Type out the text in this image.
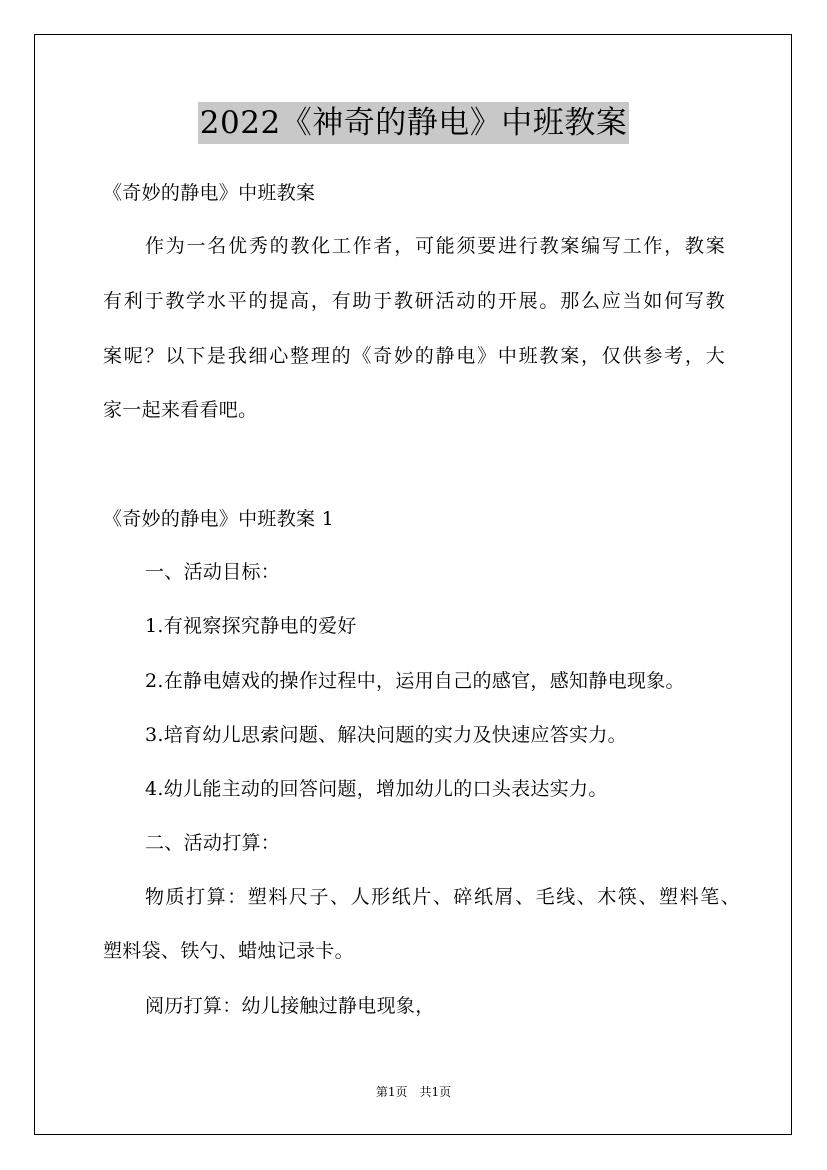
2022《神奇的静电》中班教案
《奇妙的静电》中班教案
作为一名优秀的教化工作者，可能须要进行教案编写工作，教案
有利于教学水平的提高，有助于教研活动的开展。那么应当如何写教
案呢？以下是我细心整理的《奇妙的静电》中班教案，仅供参考，大
家一起来看看吧。
《奇妙的静电》中班教案 1
一、活动目标：
1.有视察探究静电的爱好
2.在静电嬉戏的操作过程中，运用自己的感官，感知静电现象。
3.培育幼儿思索问题、解决问题的实力及快速应答实力。
4.幼儿能主动的回答问题，增加幼儿的口头表达实力。
二、活动打算：
物质打算：塑料尺子、人形纸片、碎纸屑、毛线、木筷、塑料笔、
塑料袋、铁勺、蜡烛记录卡。
阅历打算：幼儿接触过静电现象，
第1页　共1页
